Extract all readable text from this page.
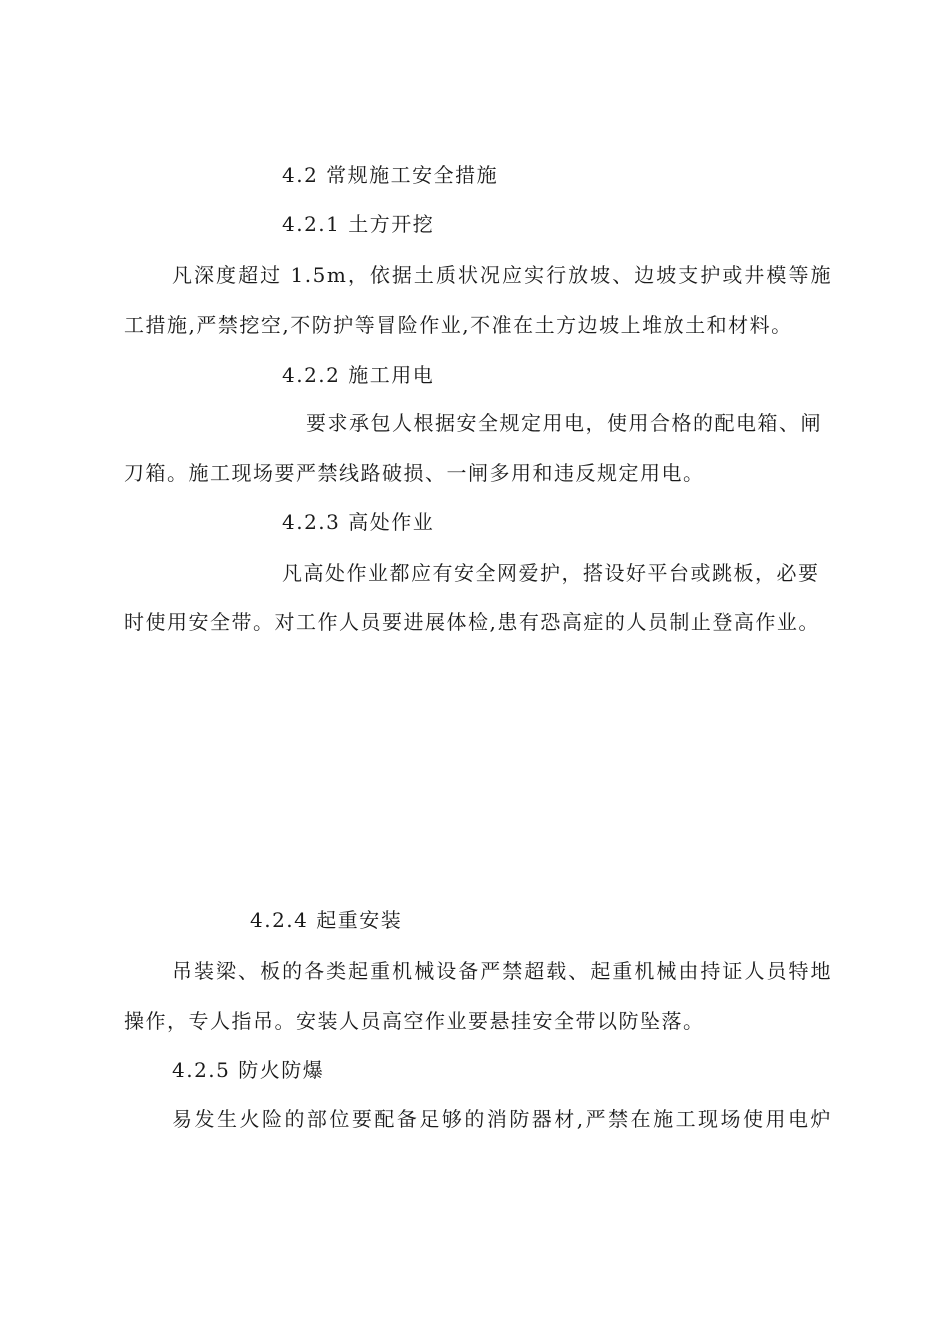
4.2 常规施工安全措施

4.2.1 土方开挖

凡深度超过 1.5m，依据土质状况应实行放坡、边坡支护或井模等施

工措施,严禁挖空,不防护等冒险作业,不准在土方边坡上堆放土和材料。

4.2.2 施工用电

要求承包人根据安全规定用电，使用合格的配电箱、闸

刀箱。施工现场要严禁线路破损、一闸多用和违反规定用电。

4.2.3 高处作业

凡高处作业都应有安全网爱护，搭设好平台或跳板，必要

时使用安全带。对工作人员要进展体检,患有恐高症的人员制止登高作业。

4.2.4 起重安装

吊装梁、板的各类起重机械设备严禁超载、起重机械由持证人员特地

操作，专人指吊。安装人员高空作业要悬挂安全带以防坠落。

4.2.5 防火防爆

易发生火险的部位要配备足够的消防器材,严禁在施工现场使用电炉
